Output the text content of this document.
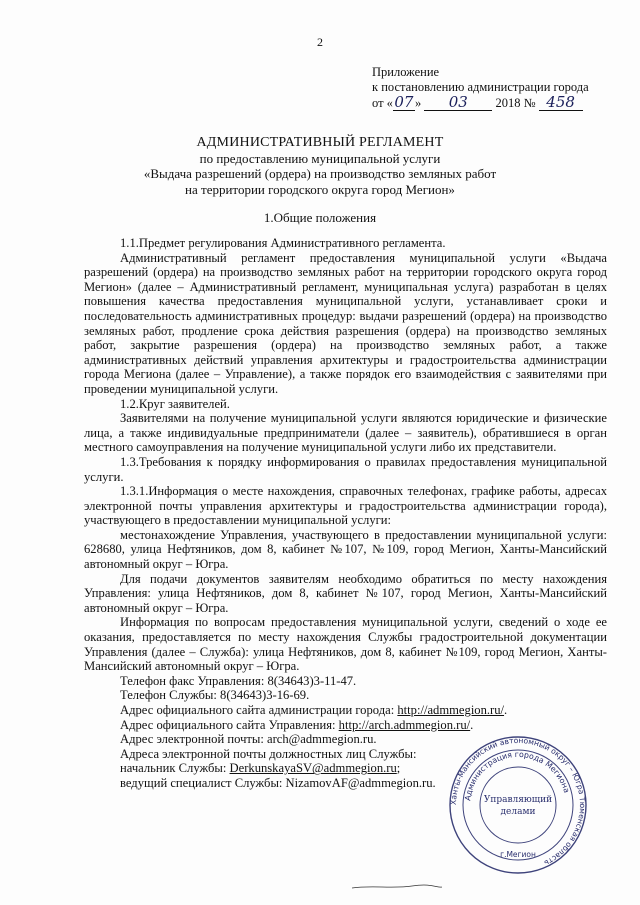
2
Приложение
к постановлению администрации города
от «07» 03 2018 № 458
АДМИНИСТРАТИВНЫЙ РЕГЛАМЕНТ
по предоставлению муниципальной услуги
«Выдача разрешений (ордера) на производство земляных работ
на территории городского округа город Мегион»
1.Общие положения

1.1.Предмет регулирования Административного регламента.

Административный регламент предоставления муниципальной услуги «Выдача разрешений (ордера) на производство земляных работ на территории городского округа город Мегион» (далее – Административный регламент, муниципальная услуга) разработан в целях повышения качества предоставления муниципальной услуги, устанавливает сроки и последовательность административных процедур: выдачи разрешений (ордера) на производство земляных работ, продление срока действия разрешения (ордера) на производство земляных работ, закрытие разрешения (ордера) на производство земляных работ, а также административных действий управления архитектуры и градостроительства администрации города Мегиона (далее – Управление), а также порядок его взаимодействия с заявителями при проведении муниципальной услуги.

1.2.Круг заявителей.

Заявителями на получение муниципальной услуги являются юридические и физические лица, а также индивидуальные предприниматели (далее – заявитель), обратившиеся в орган местного самоуправления на получение муниципальной услуги либо их представители.

1.3.Требования к порядку информирования о правилах предоставления муниципальной услуги.

1.3.1.Информация о месте нахождения, справочных телефонах, графике работы, адресах электронной почты управления архитектуры и градостроительства администрации города), участвующего в предоставлении муниципальной услуги:

местонахождение Управления, участвующего в предоставлении муниципальной услуги: 628680, улица Нефтяников, дом 8, кабинет №107, №109, город Мегион, Ханты-Мансийский автономный округ – Югра.

Для подачи документов заявителям необходимо обратиться по месту нахождения Управления: улица Нефтяников, дом 8, кабинет №107, город Мегион, Ханты-Мансийский автономный округ – Югра.

Информация по вопросам предоставления муниципальной услуги, сведений о ходе ее оказания, предоставляется по месту нахождения Службы градостроительной документации Управления (далее – Служба): улица Нефтяников, дом 8, кабинет №109, город Мегион, Ханты-Мансийский автономный округ – Югра.

Телефон факс Управления: 8(34643)3-11-47.

Телефон Службы: 8(34643)3-16-69.

Адрес официального сайта администрации города: http://admmegion.ru/.

Адрес официального сайта Управления: http://arch.admmegion.ru/.

Адрес электронной почты: arch@admmegion.ru.

Адреса электронной почты должностных лиц Службы:

начальник Службы: DerkunskayaSV@admmegion.ru;

ведущий специалист Службы: NizamovAF@admmegion.ru.

Ханты-Мансийский автономный округ – Югра Тюменская область
Администрация города Мегиона
Управляющий
делами
г.Мегион
